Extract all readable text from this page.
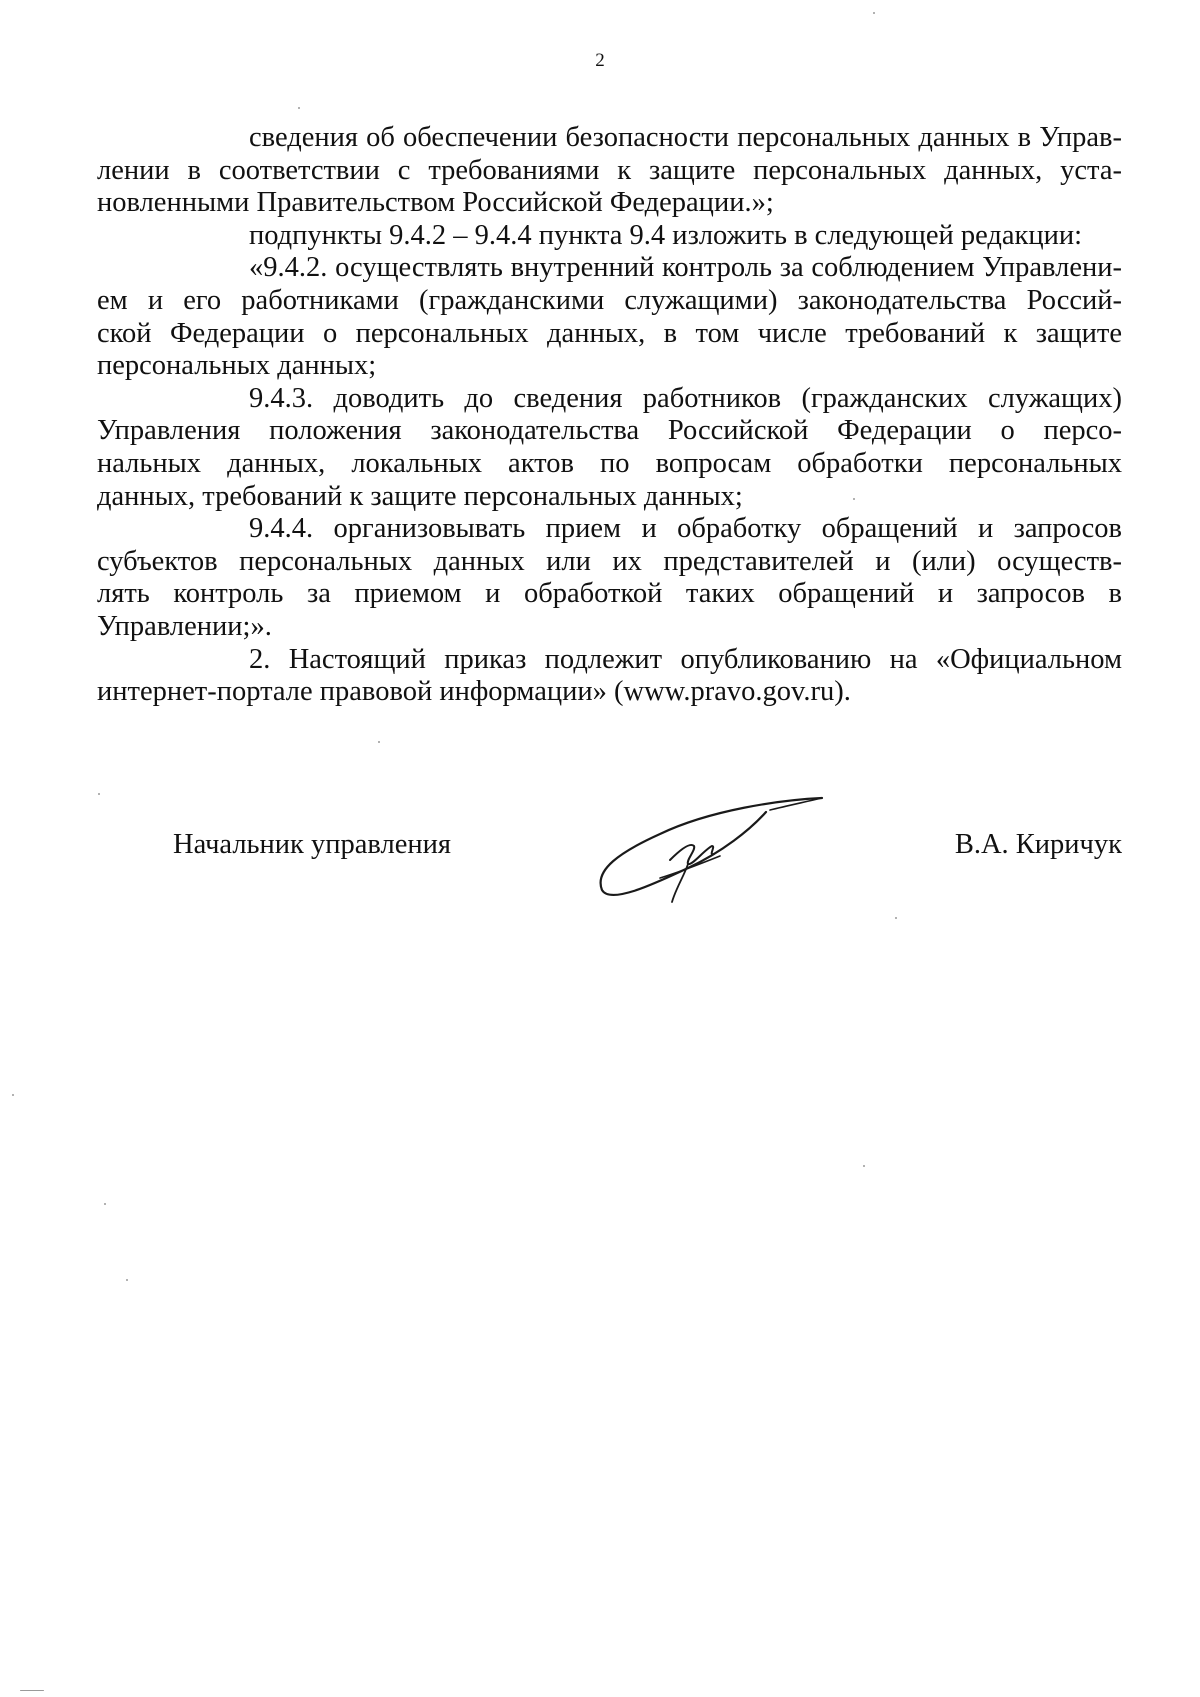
2

сведения об обеспечении безопасности персональных данных в Управ-
лении в соответствии с требованиями к защите персональных данных, уста-
новленными Правительством Российской Федерации.»;

подпункты 9.4.2 – 9.4.4 пункта 9.4 изложить в следующей редакции:

«9.4.2. осуществлять внутренний контроль за соблюдением Управлени-
ем и его работниками (гражданскими служащими) законодательства Россий-
ской Федерации о персональных данных, в том числе требований к защите
персональных данных;

9.4.3. доводить до сведения работников (гражданских служащих)
Управления положения законодательства Российской Федерации о персо-
нальных данных, локальных актов по вопросам обработки персональных
данных, требований к защите персональных данных;

9.4.4. организовывать прием и обработку обращений и запросов
субъектов персональных данных или их представителей и (или) осуществ-
лять контроль за приемом и обработкой таких обращений и запросов в
Управлении;».

2. Настоящий приказ подлежит опубликованию на «Официальном
интернет-портале правовой информации» (www.pravo.gov.ru).

Начальник управления	В.А. Киричук
